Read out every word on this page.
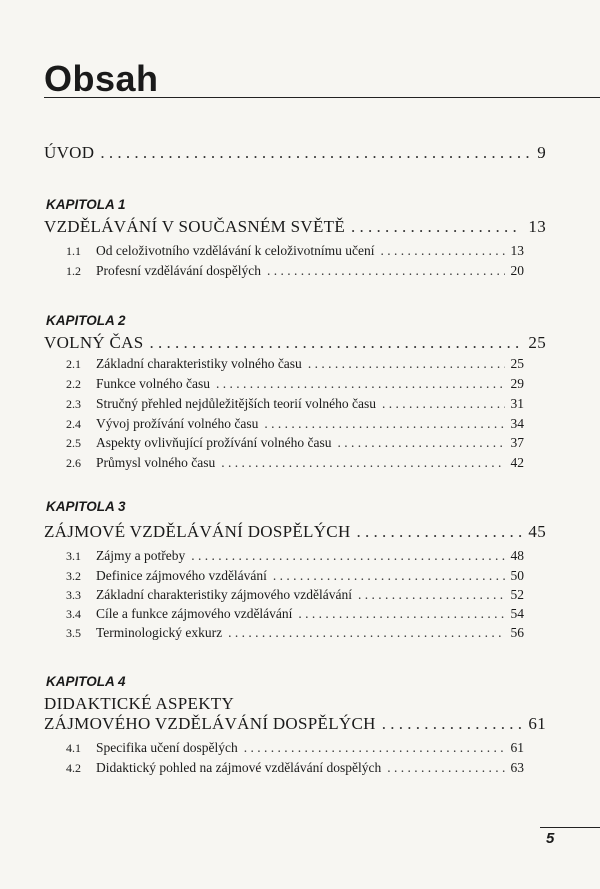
Obsah
ÚVOD . . .	9
KAPITOLA 1
VZDĚLÁVÁNÍ V SOUČASNÉM SVĚTĚ . . .	13
1.1 Od celoživotního vzdělávání k celoživotnímu učení . . .	13
1.2 Profesní vzdělávání dospělých . . .	20
KAPITOLA 2
VOLNÝ ČAS . . .	25
2.1 Základní charakteristiky volného času . . .	25
2.2 Funkce volného času . . .	29
2.3 Stručný přehled nejdůležitějších teorií volného času . . .	31
2.4 Vývoj prožívání volného času . . .	34
2.5 Aspekty ovlivňující prožívání volného času . . .	37
2.6 Průmysl volného času . . .	42
KAPITOLA 3
ZÁJMOVÉ VZDĚLÁVÁNÍ DOSPĚLÝCH . . .	45
3.1 Zájmy a potřeby . . .	48
3.2 Definice zájmového vzdělávání . . .	50
3.3 Základní charakteristiky zájmového vzdělávání . . .	52
3.4 Cíle a funkce zájmového vzdělávání . . .	54
3.5 Terminologický exkurz . . .	56
KAPITOLA 4
DIDAKTICKÉ ASPEKTY
ZÁJMOVÉHO VZDĚLÁVÁNÍ DOSPĚLÝCH . . .	61
4.1 Specifika učení dospělých . . .	61
4.2 Didaktický pohled na zájmové vzdělávání dospělých . . .	63
5
